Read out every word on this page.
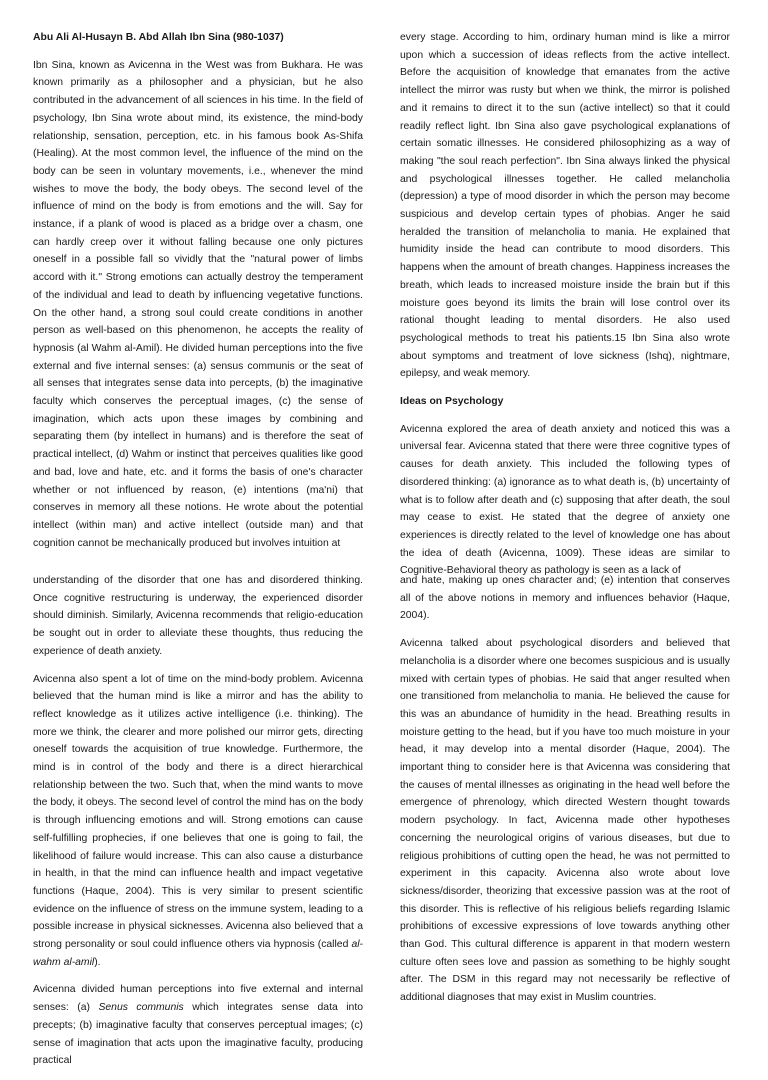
Abu Ali Al-Husayn B. Abd Allah Ibn Sina (980-1037)

Ibn Sina, known as Avicenna in the West was from Bukhara. He was known primarily as a philosopher and a physician, but he also contributed in the advancement of all sciences in his time. In the field of psychology, Ibn Sina wrote about mind, its existence, the mind-body relationship, sensation, perception, etc. in his famous book As-Shifa (Healing). At the most common level, the influence of the mind on the body can be seen in voluntary movements, i.e., whenever the mind wishes to move the body, the body obeys. The second level of the influence of mind on the body is from emotions and the will. Say for instance, if a plank of wood is placed as a bridge over a chasm, one can hardly creep over it without falling because one only pictures oneself in a possible fall so vividly that the "natural power of limbs accord with it." Strong emotions can actually destroy the temperament of the individual and lead to death by influencing vegetative functions. On the other hand, a strong soul could create conditions in another person as well-based on this phenomenon, he accepts the reality of hypnosis (al Wahm al-Amil). He divided human perceptions into the five external and five internal senses: (a) sensus communis or the seat of all senses that integrates sense data into percepts, (b) the imaginative faculty which conserves the perceptual images, (c) the sense of imagination, which acts upon these images by combining and separating them (by intellect in humans) and is therefore the seat of practical intellect, (d) Wahm or instinct that perceives qualities like good and bad, love and hate, etc. and it forms the basis of one's character whether or not influenced by reason, (e) intentions (ma'ni) that conserves in memory all these notions. He wrote about the potential intellect (within man) and active intellect (outside man) and that cognition cannot be mechanically produced but involves intuition at

every stage. According to him, ordinary human mind is like a mirror upon which a succession of ideas reflects from the active intellect. Before the acquisition of knowledge that emanates from the active intellect the mirror was rusty but when we think, the mirror is polished and it remains to direct it to the sun (active intellect) so that it could readily reflect light. Ibn Sina also gave psychological explanations of certain somatic illnesses. He considered philosophizing as a way of making "the soul reach perfection". Ibn Sina always linked the physical and psychological illnesses together. He called melancholia (depression) a type of mood disorder in which the person may become suspicious and develop certain types of phobias. Anger he said heralded the transition of melancholia to mania. He explained that humidity inside the head can contribute to mood disorders. This happens when the amount of breath changes. Happiness increases the breath, which leads to increased moisture inside the brain but if this moisture goes beyond its limits the brain will lose control over its rational thought leading to mental disorders. He also used psychological methods to treat his patients.15 Ibn Sina also wrote about symptoms and treatment of love sickness (Ishq), nightmare, epilepsy, and weak memory.

Ideas on Psychology

Avicenna explored the area of death anxiety and noticed this was a universal fear. Avicenna stated that there were three cognitive types of causes for death anxiety. This included the following types of disordered thinking: (a) ignorance as to what death is, (b) uncertainty of what is to follow after death and (c) supposing that after death, the soul may cease to exist. He stated that the degree of anxiety one experiences is directly related to the level of knowledge one has about the idea of death (Avicenna, 1009). These ideas are similar to Cognitive-Behavioral theory as pathology is seen as a lack of

understanding of the disorder that one has and disordered thinking. Once cognitive restructuring is underway, the experienced disorder should diminish. Similarly, Avicenna recommends that religio-education be sought out in order to alleviate these thoughts, thus reducing the experience of death anxiety.

Avicenna also spent a lot of time on the mind-body problem. Avicenna believed that the human mind is like a mirror and has the ability to reflect knowledge as it utilizes active intelligence (i.e. thinking). The more we think, the clearer and more polished our mirror gets, directing oneself towards the acquisition of true knowledge. Furthermore, the mind is in control of the body and there is a direct hierarchical relationship between the two. Such that, when the mind wants to move the body, it obeys. The second level of control the mind has on the body is through influencing emotions and will. Strong emotions can cause self-fulfilling prophecies, if one believes that one is going to fail, the likelihood of failure would increase. This can also cause a disturbance in health, in that the mind can influence health and impact vegetative functions (Haque, 2004). This is very similar to present scientific evidence on the influence of stress on the immune system, leading to a possible increase in physical sicknesses. Avicenna also believed that a strong personality or soul could influence others via hypnosis (called al-wahm al-amil).

Avicenna divided human perceptions into five external and internal senses: (a) Senus communis which integrates sense data into precepts; (b) imaginative faculty that conserves perceptual images; (c) sense of imagination that acts upon the imaginative faculty, producing practical

and hate, making up ones character and; (e) intention that conserves all of the above notions in memory and influences behavior (Haque, 2004).

Avicenna talked about psychological disorders and believed that melancholia is a disorder where one becomes suspicious and is usually mixed with certain types of phobias. He said that anger resulted when one transitioned from melancholia to mania. He believed the cause for this was an abundance of humidity in the head. Breathing results in moisture getting to the head, but if you have too much moisture in your head, it may develop into a mental disorder (Haque, 2004). The important thing to consider here is that Avicenna was considering that the causes of mental illnesses as originating in the head well before the emergence of phrenology, which directed Western thought towards modern psychology. In fact, Avicenna made other hypotheses concerning the neurological origins of various diseases, but due to religious prohibitions of cutting open the head, he was not permitted to experiment in this capacity. Avicenna also wrote about love sickness/disorder, theorizing that excessive passion was at the root of this disorder. This is reflective of his religious beliefs regarding Islamic prohibitions of excessive expressions of love towards anything other than God. This cultural difference is apparent in that modern western culture often sees love and passion as something to be highly sought after. The DSM in this regard may not necessarily be reflective of additional diagnoses that may exist in Muslim countries.
